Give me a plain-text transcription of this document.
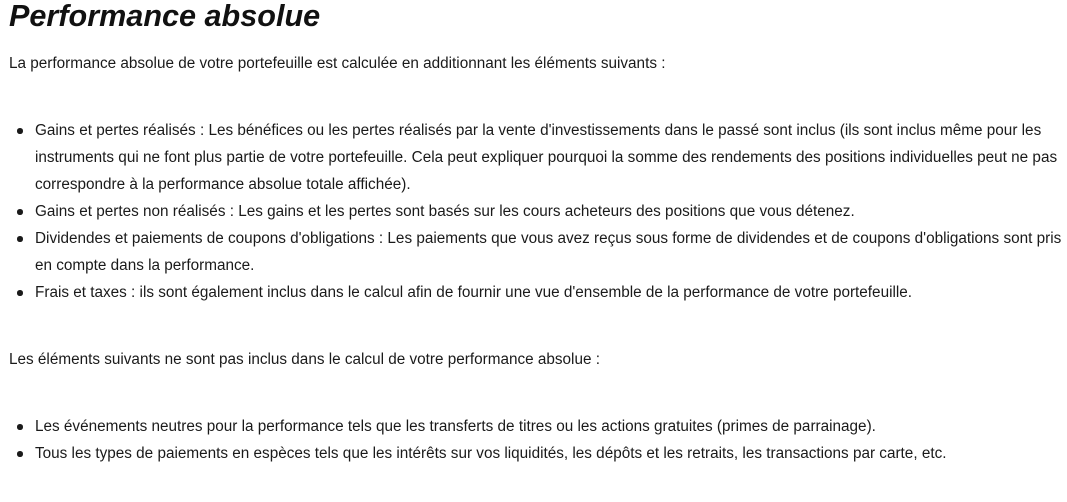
Performance absolue

La performance absolue de votre portefeuille est calculée en additionnant les éléments suivants :

Gains et pertes réalisés : Les bénéfices ou les pertes réalisés par la vente d'investissements dans le passé sont inclus (ils sont inclus même pour les instruments qui ne font plus partie de votre portefeuille. Cela peut expliquer pourquoi la somme des rendements des positions individuelles peut ne pas correspondre à la performance absolue totale affichée).
Gains et pertes non réalisés : Les gains et les pertes sont basés sur les cours acheteurs des positions que vous détenez.
Dividendes et paiements de coupons d'obligations : Les paiements que vous avez reçus sous forme de dividendes et de coupons d'obligations sont pris en compte dans la performance.
Frais et taxes : ils sont également inclus dans le calcul afin de fournir une vue d'ensemble de la performance de votre portefeuille.

Les éléments suivants ne sont pas inclus dans le calcul de votre performance absolue :

Les événements neutres pour la performance tels que les transferts de titres ou les actions gratuites (primes de parrainage).
Tous les types de paiements en espèces tels que les intérêts sur vos liquidités, les dépôts et les retraits, les transactions par carte, etc.
